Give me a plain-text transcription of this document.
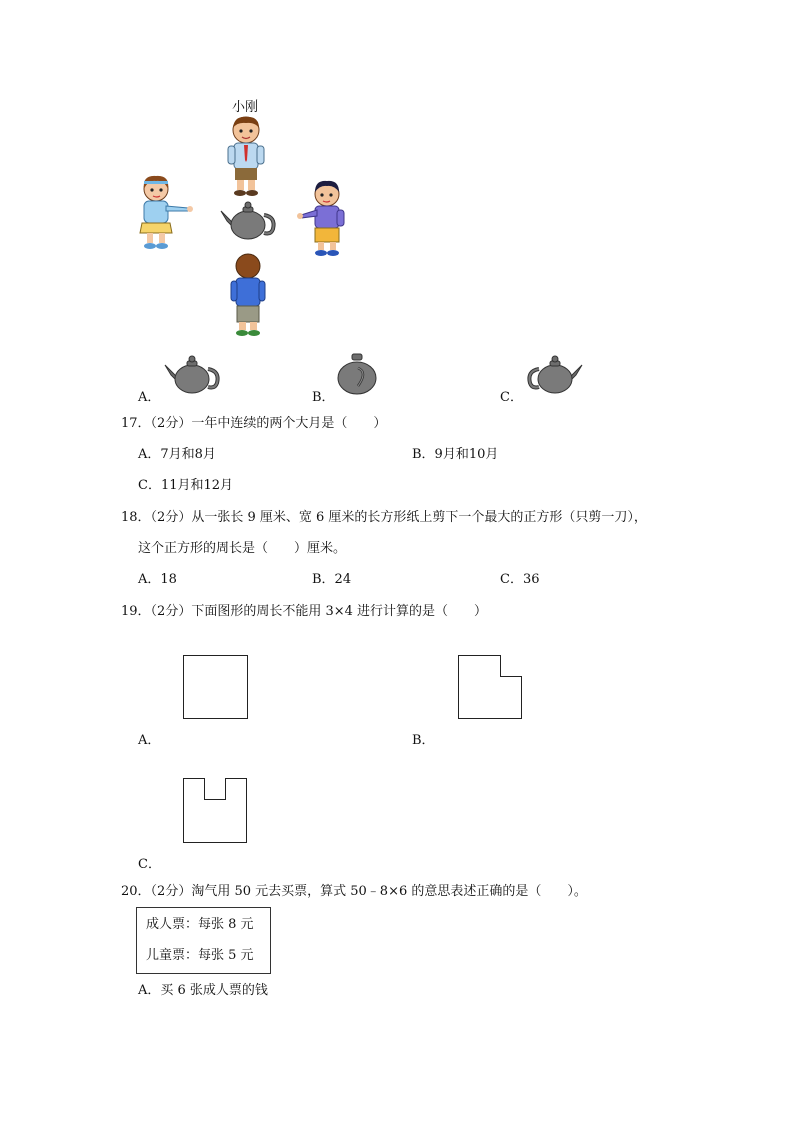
小刚
A．	B．	C．
17．（2分）一年中连续的两个大月是（　　）
A．7月和8月	B．9月和10月
C．11月和12月
18．（2分）从一张长 9 厘米、宽 6 厘米的长方形纸上剪下一个最大的正方形（只剪一刀），
这个正方形的周长是（　　）厘米。
A．18	B．24	C．36
19．（2分）下面图形的周长不能用 3×4 进行计算的是（　　）
A．	B．
C．
20．（2分）淘气用 50 元去买票，算式 50﹣8×6 的意思表述正确的是（　　）。
成人票：每张 8 元
儿童票：每张 5 元
A．买 6 张成人票的钱
